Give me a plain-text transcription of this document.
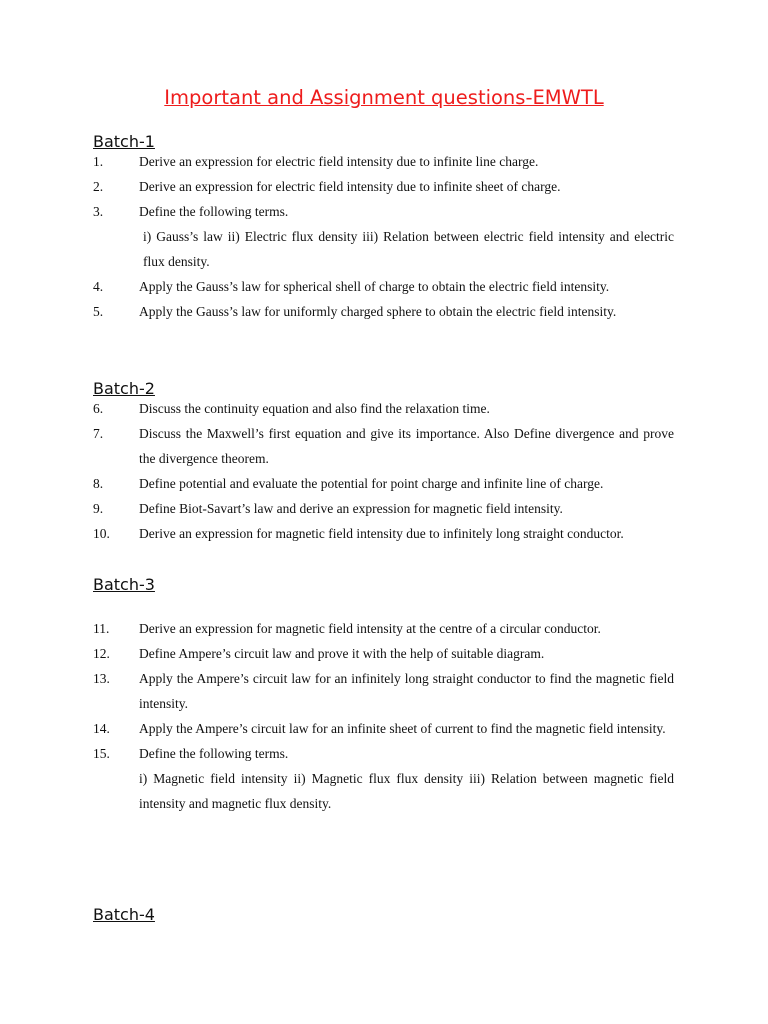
Important and Assignment questions-EMWTL
Batch-1
1.	Derive an expression for electric field intensity due to infinite line charge.
2.	Derive an expression for electric field intensity due to infinite sheet of charge.
3.	Define the following terms.
i) Gauss’s law ii) Electric flux density iii) Relation between electric field intensity and electric flux density.
4.	Apply the Gauss’s law for spherical shell of charge to obtain the electric field intensity.
5.	Apply the Gauss’s law for uniformly charged sphere to obtain the electric field intensity.
Batch-2
6.	Discuss the continuity equation and also find the relaxation time.
7.	Discuss the Maxwell’s first equation and give its importance. Also Define divergence and prove the divergence theorem.
8.	Define potential and evaluate the potential for point charge and infinite line of charge.
9.	Define Biot-Savart’s law and derive an expression for magnetic field intensity.
10.	Derive an expression for magnetic field intensity due to infinitely long straight conductor.
Batch-3
11.	Derive an expression for magnetic field intensity at the centre of a circular conductor.
12.	Define Ampere’s circuit law and prove it with the help of suitable diagram.
13.	Apply the Ampere’s circuit law for an infinitely long straight conductor to find the magnetic field intensity.
14.	Apply the Ampere’s circuit law for an infinite sheet of current to find the magnetic field intensity.
15.	Define the following terms.
i) Magnetic field intensity ii) Magnetic flux flux density iii) Relation between magnetic field intensity and magnetic flux density.
Batch-4
